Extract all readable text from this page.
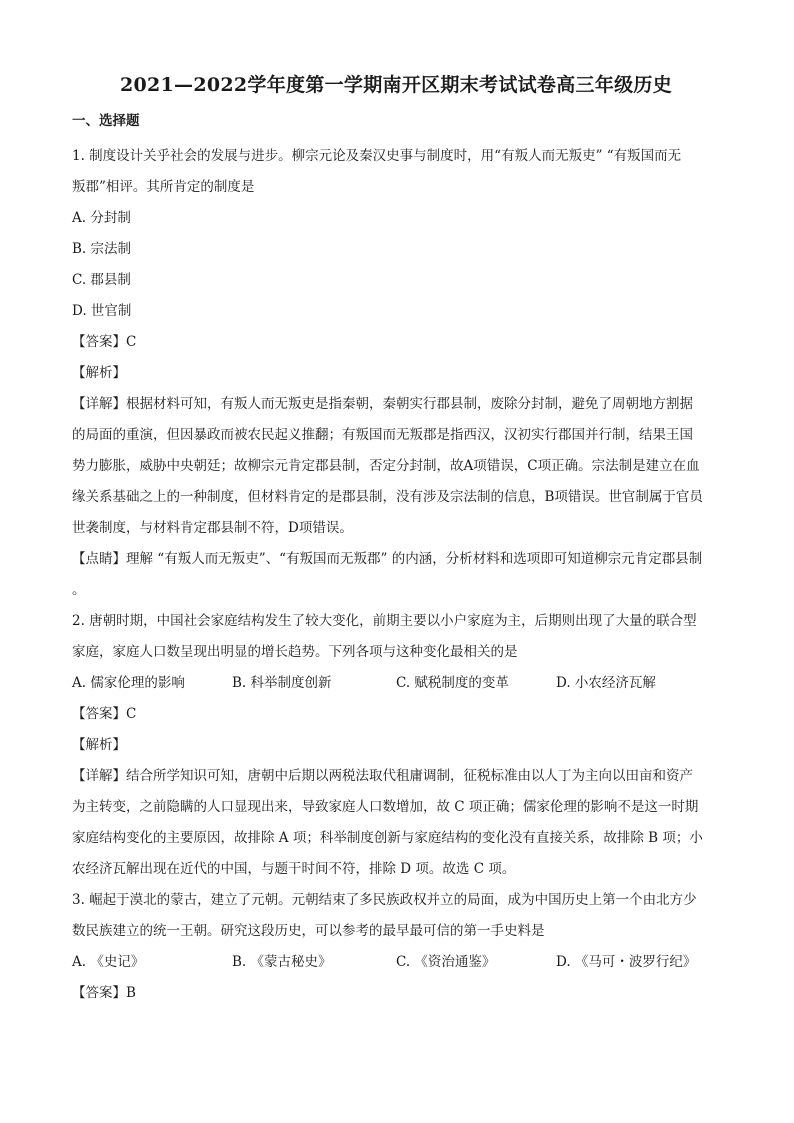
2021—2022学年度第一学期南开区期末考试试卷高三年级历史
一、选择题

1. 制度设计关乎社会的发展与进步。柳宗元论及秦汉史事与制度时，用“有叛人而无叛吏” “有叛国而无

叛郡”相评。其所肯定的制度是

A. 分封制

B. 宗法制

C. 郡县制

D. 世官制

【答案】C

【解析】

【详解】根据材料可知，有叛人而无叛吏是指秦朝，秦朝实行郡县制，废除分封制，避免了周朝地方割据

的局面的重演，但因暴政而被农民起义推翻；有叛国而无叛郡是指西汉，汉初实行郡国并行制，结果王国

势力膨胀，威胁中央朝廷；故柳宗元肯定郡县制，否定分封制，故A项错误，C项正确。宗法制是建立在血

缘关系基础之上的一种制度，但材料肯定的是郡县制，没有涉及宗法制的信息，B项错误。世官制属于官员

世袭制度，与材料肯定郡县制不符，D项错误。

【点睛】理解 “有叛人而无叛吏”、“有叛国而无叛郡” 的内涵，分析材料和选项即可知道柳宗元肯定郡县制

。

2. 唐朝时期，中国社会家庭结构发生了较大变化，前期主要以小户家庭为主，后期则出现了大量的联合型

家庭，家庭人口数呈现出明显的增长趋势。下列各项与这种变化最相关的是

A. 儒家伦理的影响	B. 科举制度创新	C. 赋税制度的变革	D. 小农经济瓦解

【答案】C

【解析】

【详解】结合所学知识可知，唐朝中后期以两税法取代租庸调制，征税标准由以人丁为主向以田亩和资产

为主转变，之前隐瞒的人口显现出来，导致家庭人口数增加，故 C 项正确；儒家伦理的影响不是这一时期

家庭结构变化的主要原因，故排除 A 项；科举制度创新与家庭结构的变化没有直接关系，故排除 B 项；小

农经济瓦解出现在近代的中国，与题干时间不符，排除 D 项。故选 C 项。

3. 崛起于漠北的蒙古，建立了元朝。元朝结束了多民族政权并立的局面，成为中国历史上第一个由北方少

数民族建立的统一王朝。研究这段历史，可以参考的最早最可信的第一手史料是

A. 《史记》	B. 《蒙古秘史》	C. 《资治通鉴》	D. 《马可・波罗行纪》

【答案】B
